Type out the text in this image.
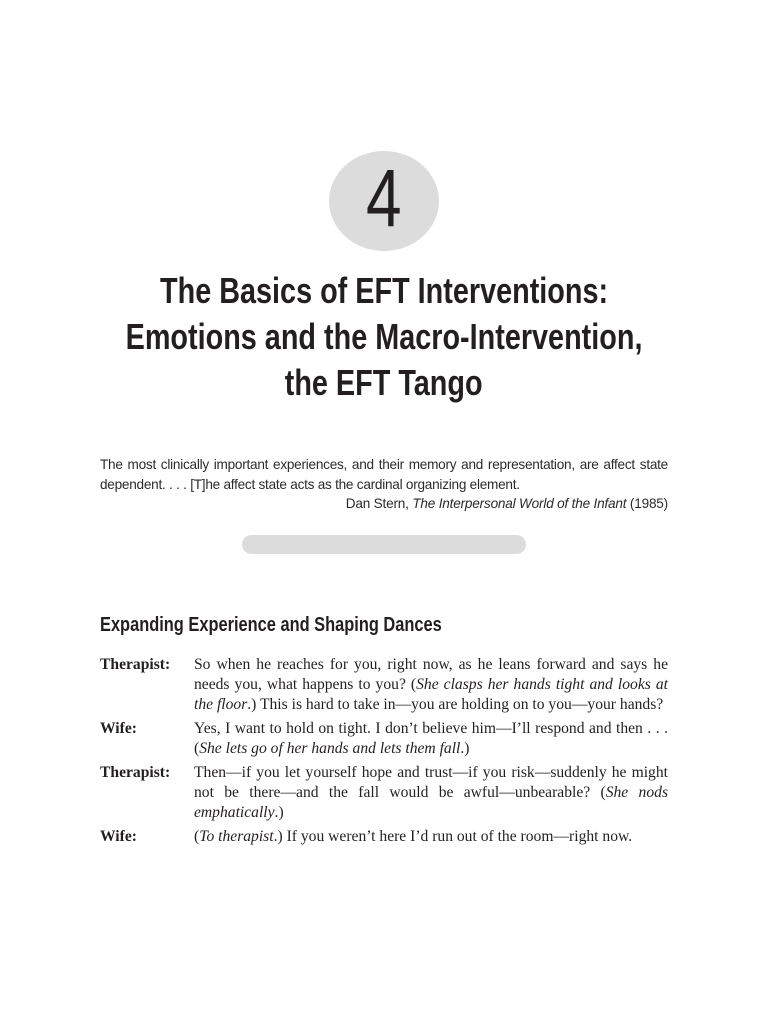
4
The Basics of EFT Interventions:
Emotions and the Macro-Intervention,
the EFT Tango

The most clinically important experiences, and their memory and representation, are affect state dependent. . . . [T]he affect state acts as the cardinal organizing element.

Dan Stern, The Interpersonal World of the Infant (1985)

Expanding Experience and Shaping Dances
Therapist:	So when he reaches for you, right now, as he leans forward and says he needs you, what happens to you? (She clasps her hands tight and looks at the floor.) This is hard to take in—you are holding on to you—your hands?
Wife:	Yes, I want to hold on tight. I don’t believe him—I’ll respond and then . . . (She lets go of her hands and lets them fall.)
Therapist:	Then—if you let yourself hope and trust—if you risk—suddenly he might not be there—and the fall would be awful—unbearable? (She nods emphatically.)
Wife:	(To therapist.) If you weren’t here I’d run out of the room—right now.
